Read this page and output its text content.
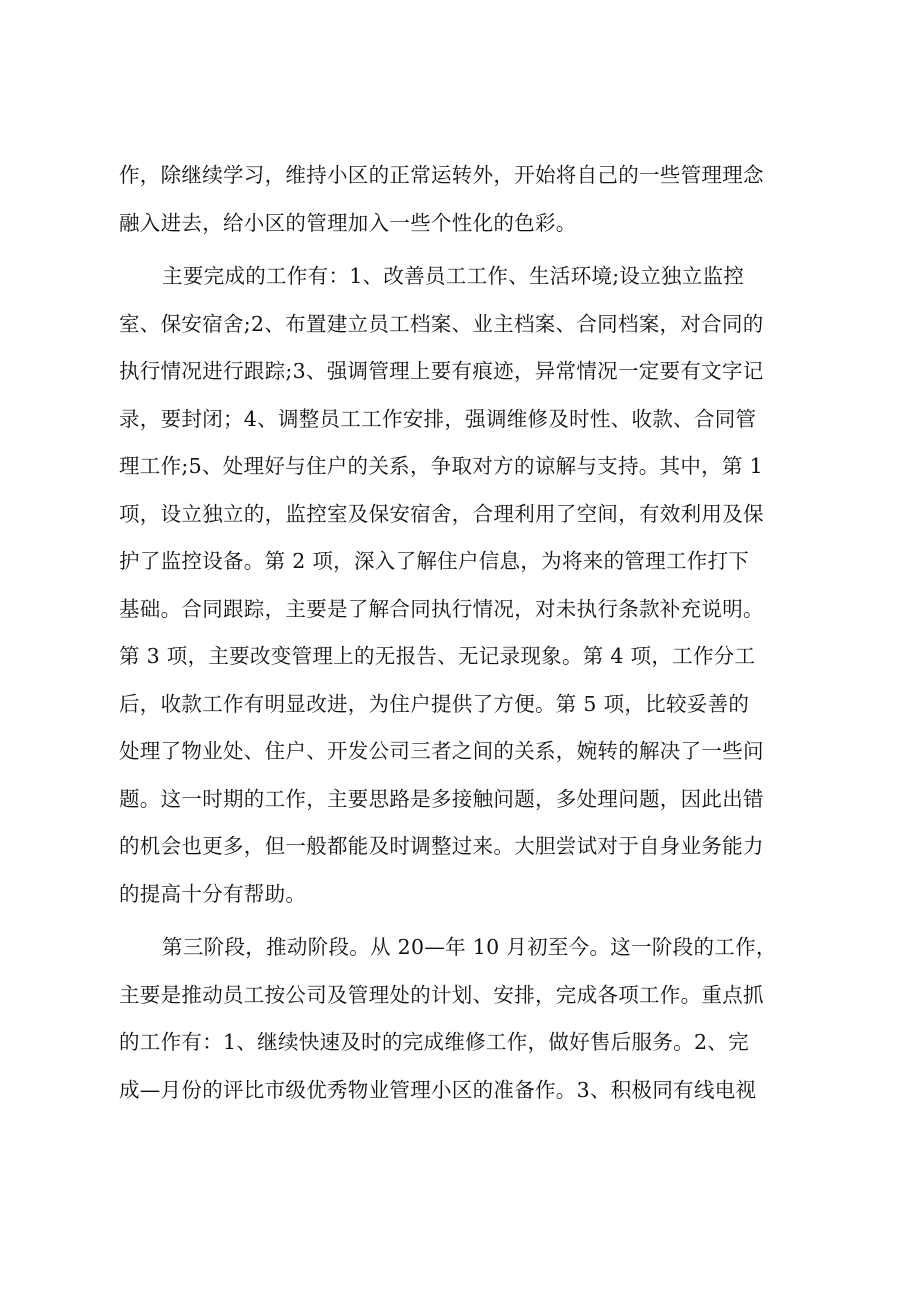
作，除继续学习，维持小区的正常运转外，开始将自己的一些管理理念
融入进去，给小区的管理加入一些个性化的色彩。
主要完成的工作有：1、改善员工工作、生活环境;设立独立监控
室、保安宿舍;2、布置建立员工档案、业主档案、合同档案，对合同的
执行情况进行跟踪;3、强调管理上要有痕迹，异常情况一定要有文字记
录，要封闭；4、调整员工工作安排，强调维修及时性、收款、合同管
理工作;5、处理好与住户的关系，争取对方的谅解与支持。其中，第 1
项，设立独立的，监控室及保安宿舍，合理利用了空间，有效利用及保
护了监控设备。第 2 项，深入了解住户信息，为将来的管理工作打下
基础。合同跟踪，主要是了解合同执行情况，对未执行条款补充说明。
第 3 项，主要改变管理上的无报告、无记录现象。第 4 项，工作分工
后，收款工作有明显改进，为住户提供了方便。第 5 项，比较妥善的
处理了物业处、住户、开发公司三者之间的关系，婉转的解决了一些问
题。这一时期的工作，主要思路是多接触问题，多处理问题，因此出错
的机会也更多，但一般都能及时调整过来。大胆尝试对于自身业务能力
的提高十分有帮助。
第三阶段，推动阶段。从 20—年 10 月初至今。这一阶段的工作，
主要是推动员工按公司及管理处的计划、安排，完成各项工作。重点抓
的工作有：1、继续快速及时的完成维修工作，做好售后服务。2、完
成—月份的评比市级优秀物业管理小区的准备作。3、积极同有线电视
